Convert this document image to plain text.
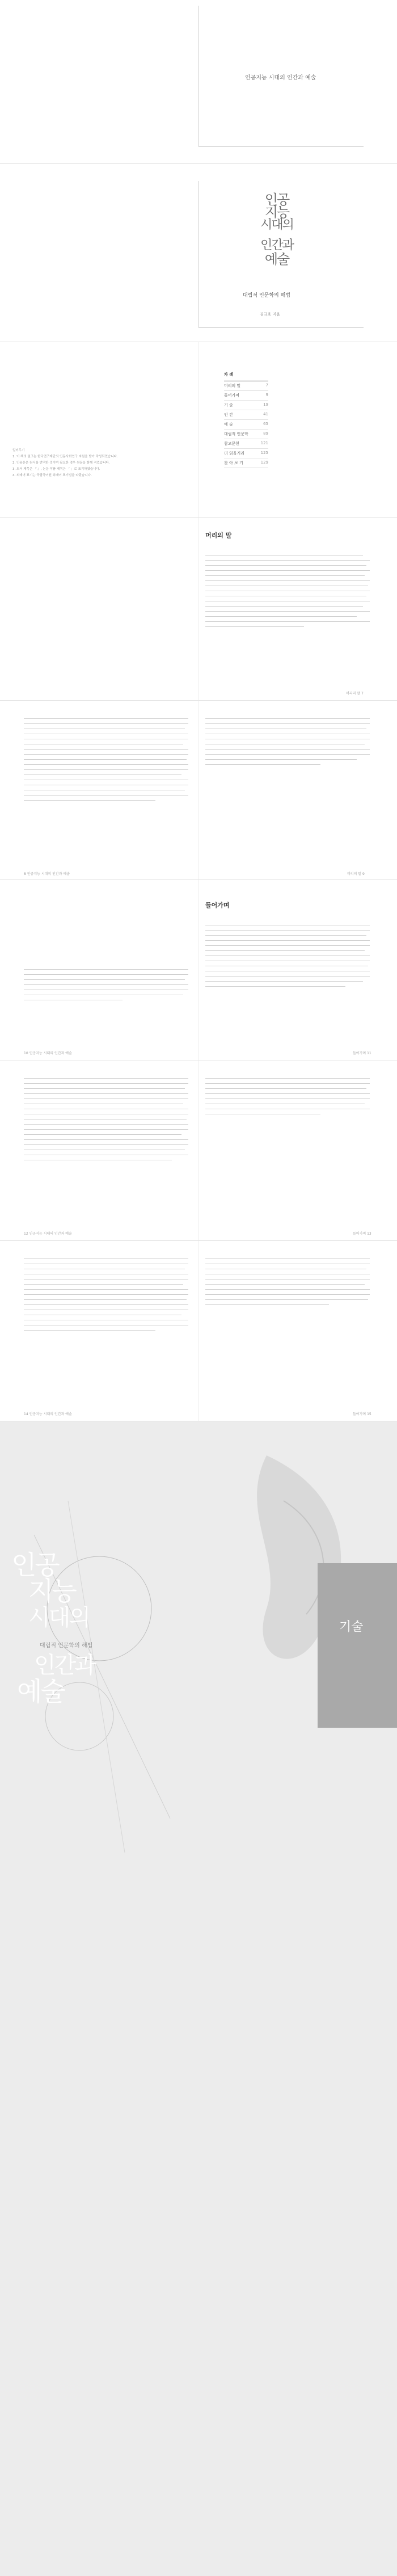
인공지능 시대의 인간과 예술
인공
지능
시대의
인간과
예술
대립적 인문학의 해법
김규호 지음
일러두기
1. 이 책의 원고는 한국연구재단의 인문사회연구 지원을 받아 작성되었습니다.
2. 인용문은 원서를 번역한 것이며 필요한 경우 원문을 함께 적었습니다.
3. 도서 제목은 『 』, 논문·작품 제목은 「 」로 표기하였습니다.
4. 외래어 표기는 국립국어원 외래어 표기법을 따랐습니다.
차 례
머리의 말	7
들어가며	9
기 술	19
인 간	41
예 술	65
대립적 인문학	89
참고문헌	121
더 읽을거리	125
찾 아 보 기	129
머리의 말
머리의 말 7
8 인공지능 시대의 인간과 예술	머리의 말 9
들어가며
10 인공지능 시대의 인간과 예술	들어가며 11
12 인공지능 시대의 인간과 예술	들어가며 13
14 인공지능 시대의 인간과 예술	들어가며 15
기술
인공
지능
시대의
대립적 인문학의 해법
인간과
예술
